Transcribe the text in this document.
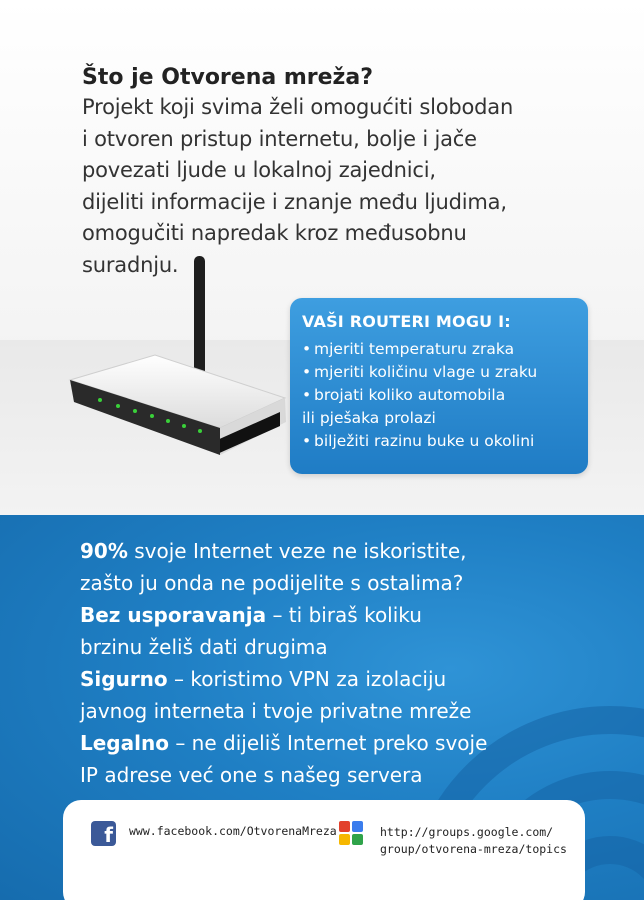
Što je Otvorena mreža?

Projekt koji svima želi omogućiti slobodan

i otvoren pristup internetu, bolje i jače

povezati ljude u lokalnoj zajednici,

dijeliti informacije i znanje među ljudima,

omogučiti napredak kroz međusobnu

suradnju.

VAŠI ROUTERI MOGU I:
• mjeriti temperaturu zraka
• mjeriti količinu vlage u zraku
• brojati koliko automobila
ili pješaka prolazi
• bilježiti razinu buke u okolini
90% svoje Internet veze ne iskoristite,
zašto ju onda ne podijelite s ostalima?
Bez usporavanja – ti biraš koliku
brzinu želiš dati drugima
Sigurno – koristimo VPN za izolaciju
javnog interneta i tvoje privatne mreže
Legalno – ne dijeliš Internet preko svoje
IP adrese već one s našeg servera
f www.facebook.com/OtvorenaMreza	http://groups.google.com/
group/otvorena-mreza/topics
